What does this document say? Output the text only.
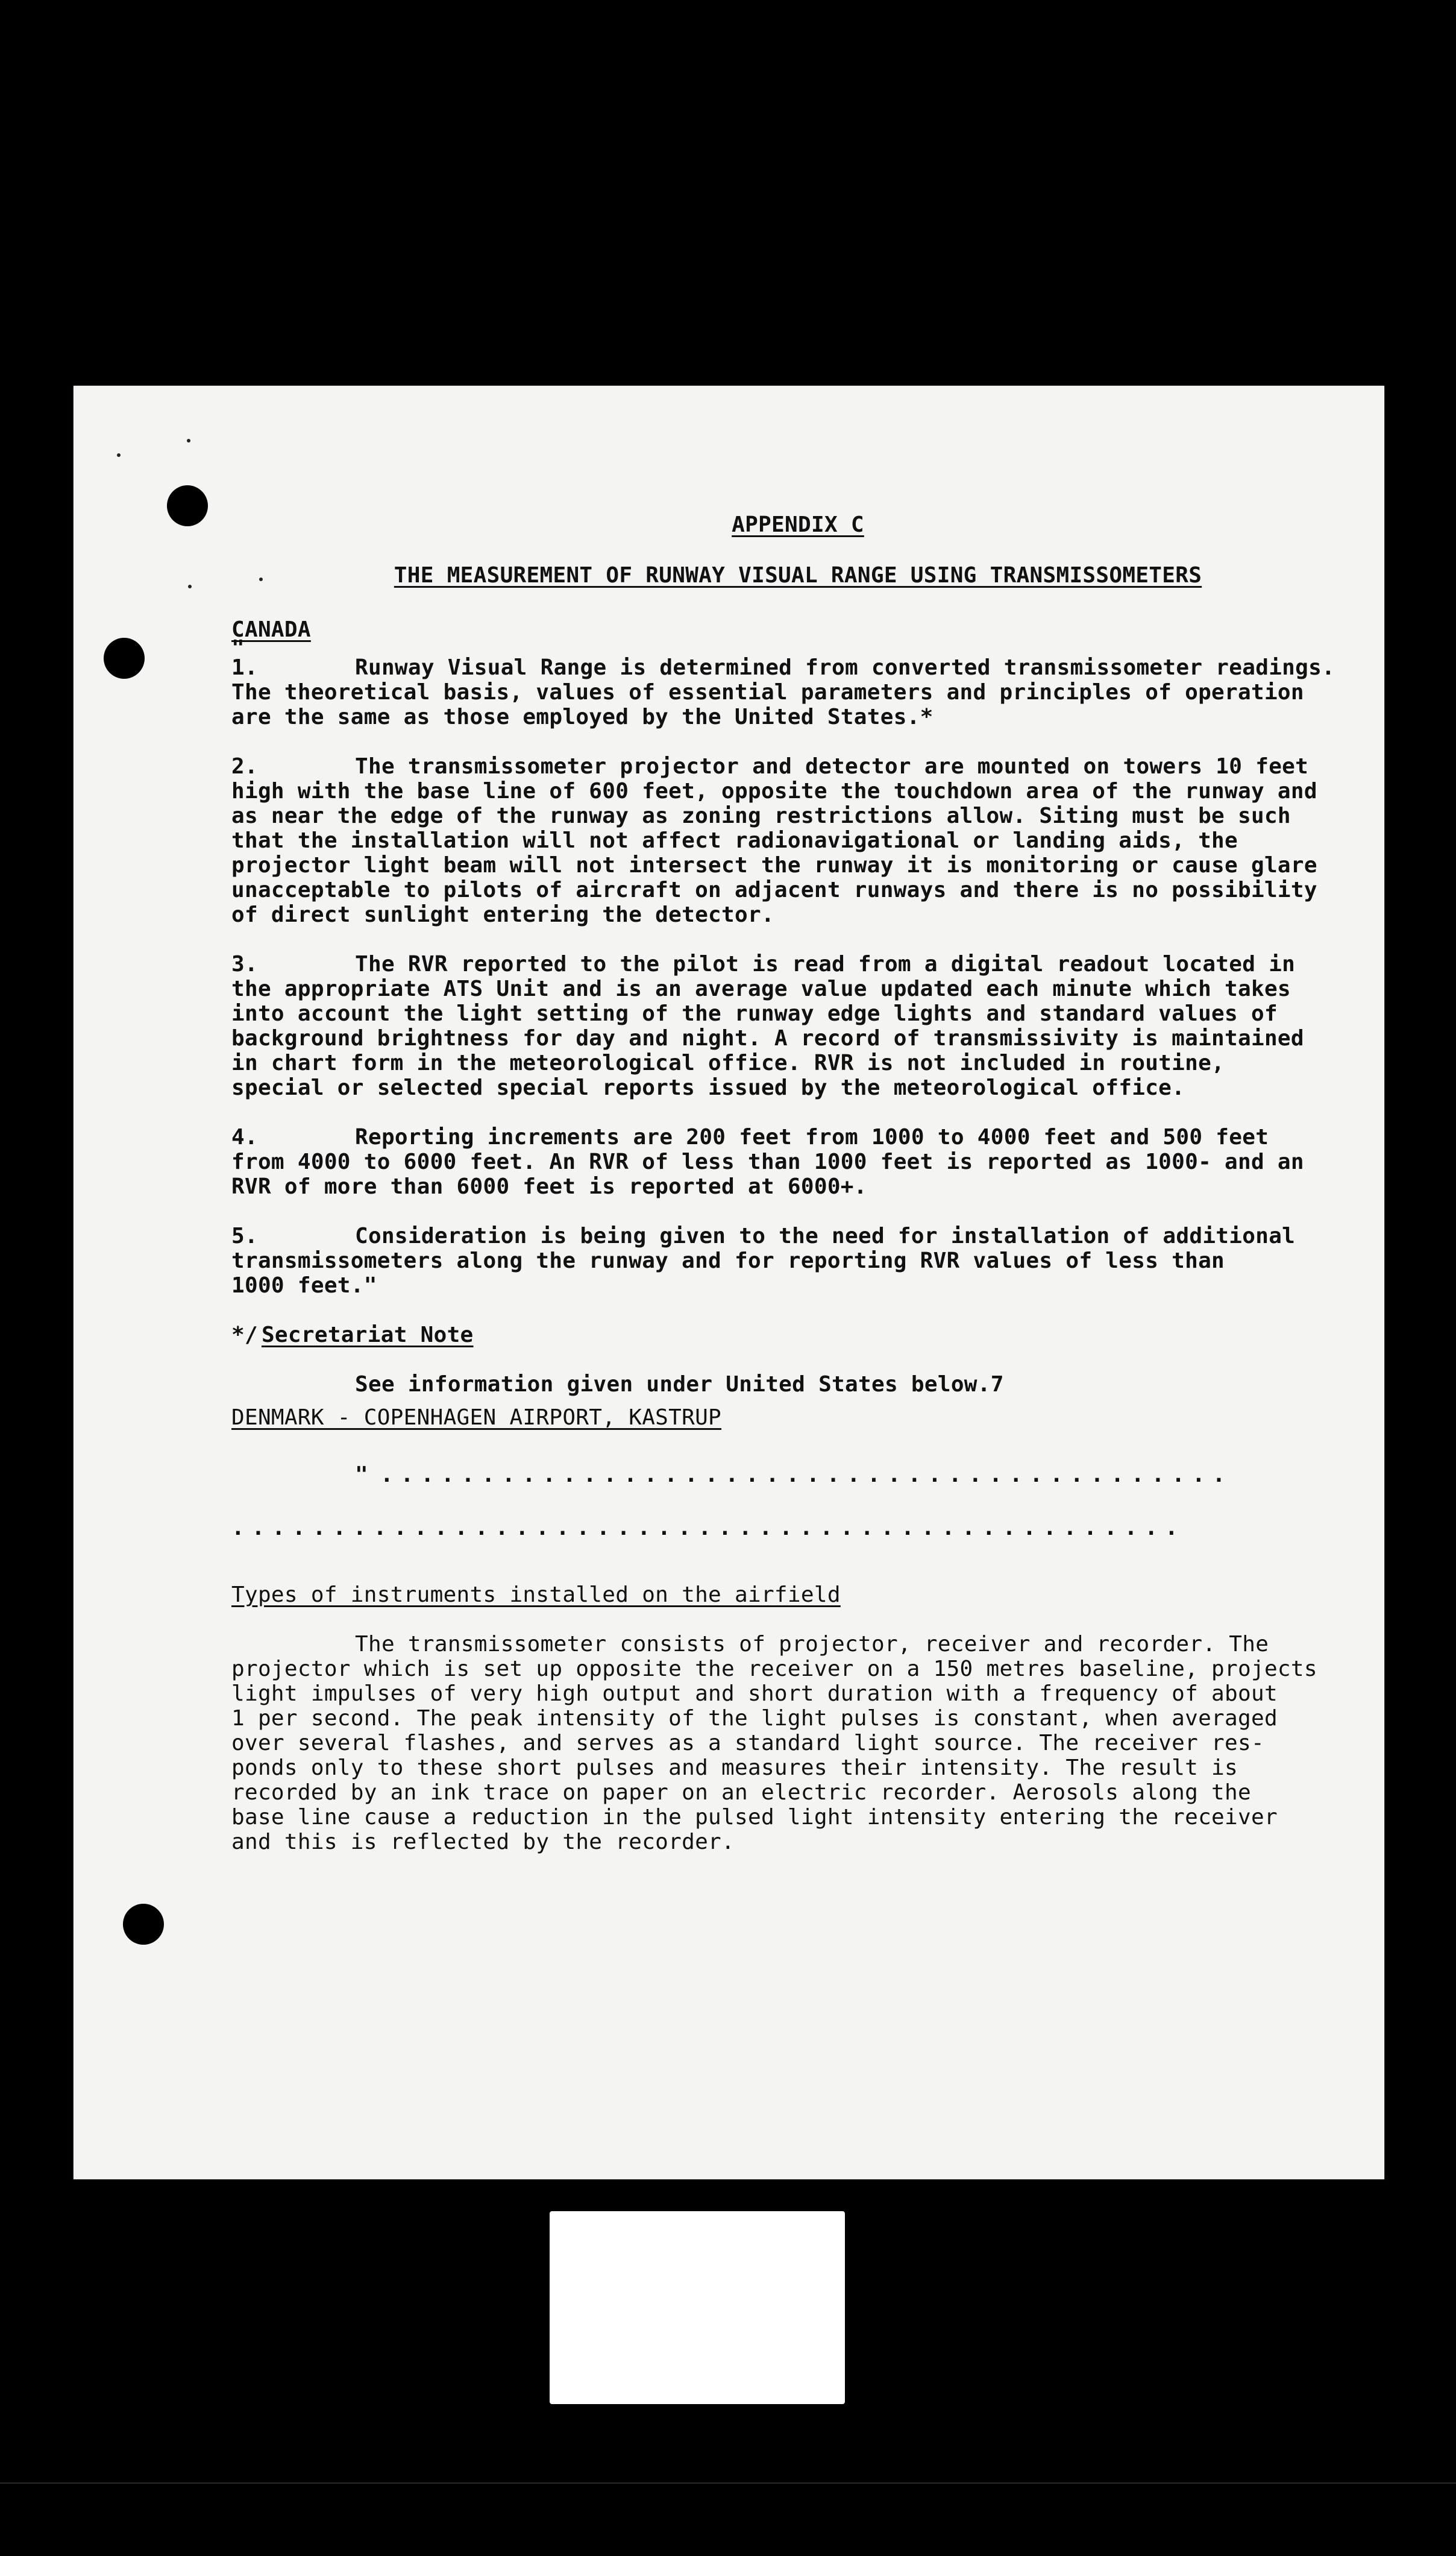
APPENDIX C
THE MEASUREMENT OF RUNWAY VISUAL RANGE USING TRANSMISSOMETERS
CANADA
"
1.	Runway Visual Range is determined from converted transmissometer readings.
The theoretical basis, values of essential parameters and principles of operation
are the same as those employed by the United States.*
2.	The transmissometer projector and detector are mounted on towers 10 feet
high with the base line of 600 feet, opposite the touchdown area of the runway and
as near the edge of the runway as zoning restrictions allow. Siting must be such
that the installation will not affect radionavigational or landing aids, the
projector light beam will not intersect the runway it is monitoring or cause glare
unacceptable to pilots of aircraft on adjacent runways and there is no possibility
of direct sunlight entering the detector.
3.	The RVR reported to the pilot is read from a digital readout located in
the appropriate ATS Unit and is an average value updated each minute which takes
into account the light setting of the runway edge lights and standard values of
background brightness for day and night. A record of transmissivity is maintained
in chart form in the meteorological office. RVR is not included in routine,
special or selected special reports issued by the meteorological office.
4.	Reporting increments are 200 feet from 1000 to 4000 feet and 500 feet
from 4000 to 6000 feet. An RVR of less than 1000 feet is reported as 1000- and an
RVR of more than 6000 feet is reported at 6000+.
5.	Consideration is being given to the need for installation of additional
transmissometers along the runway and for reporting RVR values of less than
1000 feet."
*/ Secretariat Note
See information given under United States below.7
DENMARK - COPENHAGEN AIRPORT, KASTRUP
" ..........................................
...............................................
Types of instruments installed on the airfield
The transmissometer consists of projector, receiver and recorder. The
projector which is set up opposite the receiver on a 150 metres baseline, projects
light impulses of very high output and short duration with a frequency of about
1 per second. The peak intensity of the light pulses is constant, when averaged
over several flashes, and serves as a standard light source. The receiver res-
ponds only to these short pulses and measures their intensity. The result is
recorded by an ink trace on paper on an electric recorder. Aerosols along the
base line cause a reduction in the pulsed light intensity entering the receiver
and this is reflected by the recorder.
